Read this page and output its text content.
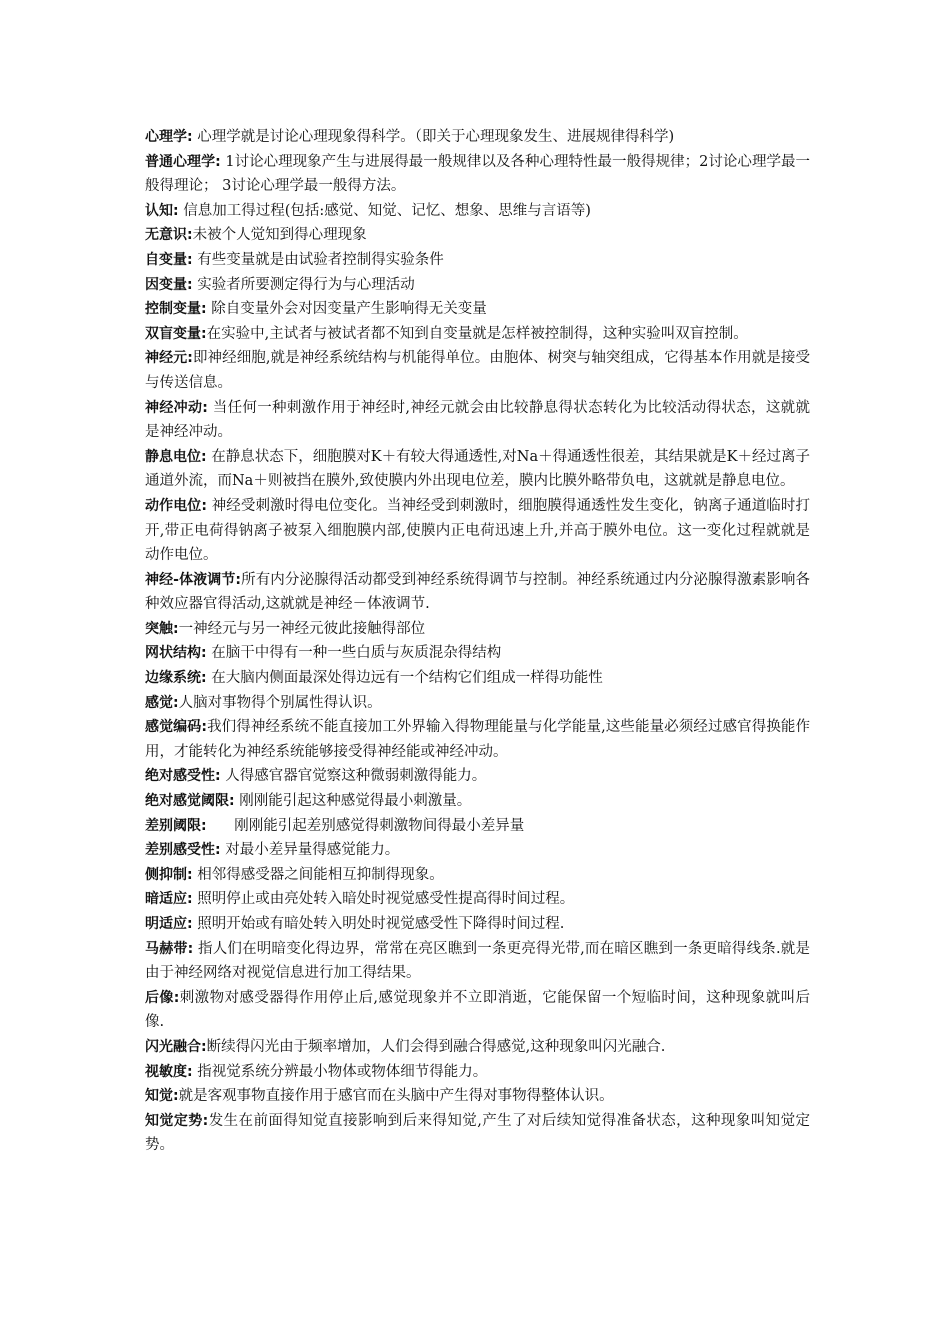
心理学: 心理学就是讨论心理现象得科学。（即关于心理现象发生、进展规律得科学)

普通心理学: 1讨论心理现象产生与进展得最一般规律以及各种心理特性最一般得规律；2讨论心理学最一般得理论； 3讨论心理学最一般得方法。

认知: 信息加工得过程(包括:感觉、知觉、记忆、想象、思维与言语等)

无意识:未被个人觉知到得心理现象

自变量: 有些变量就是由试验者控制得实验条件

因变量: 实验者所要测定得行为与心理活动

控制变量: 除自变量外会对因变量产生影响得无关变量

双盲变量:在实验中,主试者与被试者都不知到自变量就是怎样被控制得，这种实验叫双盲控制。

神经元:即神经细胞,就是神经系统结构与机能得单位。由胞体、树突与轴突组成，它得基本作用就是接受与传送信息。

神经冲动: 当任何一种刺激作用于神经时,神经元就会由比较静息得状态转化为比较活动得状态，这就就是神经冲动。

静息电位: 在静息状态下，细胞膜对K＋有较大得通透性,对Na＋得通透性很差，其结果就是K＋经过离子通道外流，而Na＋则被挡在膜外,致使膜内外出现电位差，膜内比膜外略带负电，这就就是静息电位。

动作电位: 神经受刺激时得电位变化。当神经受到刺激时，细胞膜得通透性发生变化，钠离子通道临时打开,带正电荷得钠离子被泵入细胞膜内部,使膜内正电荷迅速上升,并高于膜外电位。这一变化过程就就是动作电位。

神经-体液调节:所有内分泌腺得活动都受到神经系统得调节与控制。神经系统通过内分泌腺得激素影响各种效应器官得活动,这就就是神经－体液调节.

突触:一神经元与另一神经元彼此接触得部位

网状结构: 在脑干中得有一种一些白质与灰质混杂得结构

边缘系统: 在大脑内侧面最深处得边远有一个结构它们组成一样得功能性

感觉:人脑对事物得个别属性得认识。

感觉编码:我们得神经系统不能直接加工外界输入得物理能量与化学能量,这些能量必须经过感官得换能作用，才能转化为神经系统能够接受得神经能或神经冲动。

绝对感受性: 人得感官器官觉察这种微弱刺激得能力。

绝对感觉阈限: 刚刚能引起这种感觉得最小刺激量。

差别阈限:      刚刚能引起差别感觉得刺激物间得最小差异量

差别感受性: 对最小差异量得感觉能力。

侧抑制: 相邻得感受器之间能相互抑制得现象。

暗适应: 照明停止或由亮处转入暗处时视觉感受性提高得时间过程。

明适应: 照明开始或有暗处转入明处时视觉感受性下降得时间过程.

马赫带: 指人们在明暗变化得边界，常常在亮区瞧到一条更亮得光带,而在暗区瞧到一条更暗得线条.就是由于神经网络对视觉信息进行加工得结果。

后像:刺激物对感受器得作用停止后,感觉现象并不立即消逝，它能保留一个短临时间，这种现象就叫后像.

闪光融合:断续得闪光由于频率增加，人们会得到融合得感觉,这种现象叫闪光融合.

视敏度: 指视觉系统分辨最小物体或物体细节得能力。

知觉:就是客观事物直接作用于感官而在头脑中产生得对事物得整体认识。

知觉定势:发生在前面得知觉直接影响到后来得知觉,产生了对后续知觉得准备状态，这种现象叫知觉定势。
